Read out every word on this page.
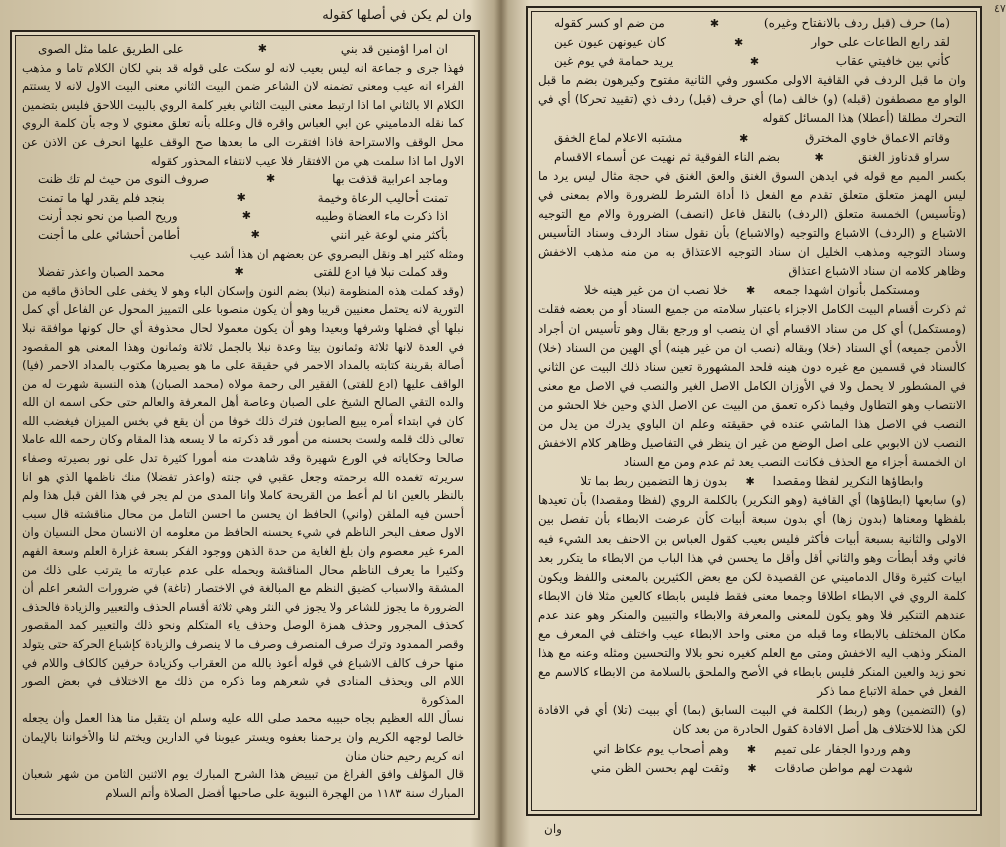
وان لم يكن في أصلها كقوله
ان امرا اؤمنين قد بني
✱
على الطريق علما مثل الصوى

فهذا جرى و جماعة انه ليس بعيب لانه لو سكت على قوله قد بني لكان الكلام تاما و مذهب الفراء انه عيب ومعنى تضمنه لان الشاعر ضمن البيت الثاني معنى البيت الاول لانه لا يستتم الكلام الا بالثاني اما اذا ارتبط معنى البيت الثاني بغير كلمة الروي بالبيت اللاحق فليس بتضمين كما نقله الدماميني عن ابي العباس واقره قال وعلله بأنه تعلق معنوي لا وجه بأن كلمة الروي محل الوقف والاستراحة فاذا افتقرت الى ما بعدها صح الوقف عليها انحرف عن الاذن عن الاول اما اذا سلمت هي من الافتقار فلا عيب لانتفاء المحذور كقوله

وماجد اعرابية قذفت بها
✱
صروف النوى من حيث لم تك ظنت
تمنت أحاليب الرعاة وخيمة
✱
بنجد فلم يقدر لها ما تمنت
اذا ذكرت ماء العضاة وطيبه
✱
وريح الصبا من نحو نجد أرنت
بأكثر مني لوعة غير انني
✱
أطامن أحشائي على ما أجنت

ومثله كثير اهـ ونقل البصروي عن بعضهم ان هذا أشد عيب

وقد كملت نبلا فيا ادع للفتى
✱
محمد الصبان واعذر تفضلا

(وقد كملت هذه المنظومة (نبلا) بضم النون وإسكان الباء وهو لا يخفى على الحاذق ماقيه من التورية لانه يحتمل معنيين قريبا وهو أن يكون منصوبا على التمييز المحول عن الفاعل أي كمل نبلها أي فضلها وشرفها وبعيدا وهو أن يكون معمولا لحال محذوفة أي حال كونها موافقة نبلا في العدة لانها ثلاثة وثمانون بيتا وعدة نبلا بالجمل ثلاثة وثمانون وهذا المعنى هو المقصود أصالة بقرينة كتابته بالمداد الاحمر في حقيقة على ما هو بصيرها مكتوب بالمداد الاحمر (فيا) الواقف عليها (ادع للفتى) الفقير الى رحمة مولاه (محمد الصبان) هذه النسبة شهرت له من والده التقي الصالح الشيخ على الصبان وعاصة أهل المعرفة والعالم حتى حكى اسمه ان الله كان في ابتداء أمره يبيع الصابون فترك ذلك خوفا من أن يقع في بخس الميزان فيغضب الله تعالى ذلك قلمه ولست بحسنه من أمور قد ذكرته ما لا يسعه هذا المقام وكان رحمه الله عاملا صالحا وحكاياته في الورع شهيرة وقد شاهدت منه أمورا كثيرة تدل على نور بصيرته وصفاء سريرته تغمده الله برحمته وجعل عقبي في جنته (واعذر تفضلا) منك ناظمها الذي هو انا بالنظر بالعين انا لم أعط من القريحة كاملا وانا المدى من لم يجر في هذا الفن قبل هذا ولم أحسن فيه الملقن (واني) الحافظ ان يحسن ما احسن التامل من محال مناقشته قال سبب الاول صعف البحر الناظم في شيء يحسنه الحافظ من معلومه ان الانسان محل النسيان وان المرء غير معصوم وان بلغ الغاية من حدة الذهن ووجود الفكر بسعة غزارة العلم وسعة الفهم وكثيرا ما يعرف الناظم محال المناقشة ويحمله على عدم عبارته ما يترتب على ذلك من المشقة والاسباب كضيق النظم مع المبالغة في الاختصار (تاغة) في ضرورات الشعر اعلم أن الضرورة ما يجوز للشاعر ولا يجوز في النثر وهي ثلاثة أقسام الحذف والتعبير والزيادة فالحذف كحذف المجرور وحذف همزة الوصل وحذف ياء المتكلم ونحو ذلك والتعبير كمد المقصور وقصر الممدود وترك صرف المنصرف وصرف ما لا ينصرف والزيادة كإشباع الحركة حتى يتولد منها حرف كالف الاشباع في قوله أعوذ بالله من العقراب وكزيادة حرفين كالكاف واللام في اللام الى ويحذف المنادى في شعرهم وما ذكره من ذلك مع الاختلاف في بعض الصور المذكورة

نسأل الله العظيم بجاه حبيبه محمد صلى الله عليه وسلم ان يتقبل منا هذا العمل وأن يجعله خالصا لوجهه الكريم وان يرحمنا بعفوه ويستر عيوبنا في الدارين ويختم لنا والأخواننا بالإيمان انه كريم رحيم حنان منان

قال المؤلف وافق الفراغ من تبييض هذا الشرح المبارك يوم الاثنين الثامن من شهر شعبان المبارك سنة ١١٨٣ من الهجرة النبوية على صاحبها أفضل الصلاة وأتم السلام

٤٧
(ما) حرف (قبل ردف بالانفتاح وغيره)
✱
من ضم او كسر كقوله
لقد رابع الطاعات على حوار
✱
كان عيونهن عيون عين
كأني بين خافيتي عقاب
✱
يريد حمامة في يوم غين

وان ما قبل الردف في القافية الاولى مكسور وفي الثانية مفتوح وكيرهون بضم ما قبل الواو مع مصطفون (قبله) (و) خالف (ما) أي حرف (قبل) ردف ذي (تقييد تحركا) أي في التحرك مطلقا (أعطلا) هذا المسائل كقوله

وقاتم الاعماق خاوي المخترق
✱
مشتبه الاعلام لماع الخفق
سراو قدناوز الغنق
✱
بضم الناء الفوقية ثم نهيت عن أسماء الاقسام

بكسر الميم مع قوله في ايدهن السوق الغنق والعق الغنق في حجة مثال ليس يرد ما ليس الهمز متعلق متعلق تقدم مع الفعل ذا أداة الشرط للضرورة والام بمعنى في (وتأسيس) الخمسة متعلق (الردف) بالنقل فاعل (انصف) الضرورة والام مع التوجيه الاشباع و (الردف) الاشباع والتوجيه (والاشباع) بأن نقول سناد الردف وسناد التأسيس وسناد التوجيه ومذهب الخليل ان سناد التوجيه الاعتذاق به من منه مذهب الاخفش وظاهر كلامه ان سناد الاشباع اعتذاق

ومستكمل بأنوان اشهدا جمعه
✱
خلا نصب ان من غير هينه خلا

ثم ذكرت أقسام البيت الكامل الاجزاء باعتبار سلامته من جميع السناد أو من بعضه فقلت (ومستكمل) أي كل من سناد الاقسام أي ان ينصب او ورجع بقال وهو تأسيس ان أجراد الأدمن جميعه) أي السناد (خلا) وبقاله (نصب ان من غير هينه) أي الهين من السناد (خلا) كالسناد في قسمين مع غيره دون هينه فلحد المشهورة تعين سناد ذلك البيت عن الثاني في المشطور لا يحمل ولا في الأوزان الكامل الاصل الغير والنصب في الاصل مع معنى الانتصاب وهو التطاول وفيما ذكره تعمق من البيت عن الاصل الذي وحين خلا الحشو من النصب في الاصل هذا الماشي عنده في حقيقته وعلم ان الباوي يدرك من يدل من النصب لان الابوبي على اصل الوضع من غير ان ينظر في التفاصيل وظاهر كلام الاخفش ان الخمسة أجزاء مع الحذف فكانت النصب يعد ثم عدم ومن مع السناد

وابطاؤها النكرير لفظا ومقصدا
✱
بدون زها التضمين ربط بما تلا

(و) سابعها (ابطاؤها) أي القافية (وهو النكرير) بالكلمة الروي (لفظا ومقصدا) بأن تعيدها بلفظها ومعناها (بدون زها) أي بدون سبعة أبيات كأن عرضت الابطاء بأن تفصل بين الاولى والثانية بسبعة أبيات فأكثر فليس بعيب كقول العباس بن الاحنف بعد الشيء فيه فاني وقد أبطأت وهو والثاني أقل وأقل ما يحسن في هذا الباب من الابطاء ما يتكرر بعد ابيات كثيرة وقال الدماميني عن القصيدة لكن مع بعض الكثيرين بالمعنى واللفظ ويكون كلمة الروي في الابطاء اطلاقا وجمعا معنى فقط فليس بابطاء كالعين مثلا فان الابطاء عندهم التنكير فلا وهو يكون للمعنى والمعرفة والابطاء والتبيين والمنكر وهو عند عدم مكان المختلف بالابطاء وما قبله من معنى واحد الابطاء عيب واختلف في المعرف مع المنكر وذهب اليه الاخفش ومتى مع العلم كغيره نحو بلالا والتحسين ومثله وعنه مع هذا نحو زيد والعين المنكر فليس بابطاء في الأصح والملحق بالسلامة من الابطاء كالاسم مع الفعل في حملة الاتباع مما ذكر

(و) (التضمين) وهو (ربط) الكلمة في البيت السابق (بما) أي ببيت (تلا) أي في الافادة لكن هذا للاختلاف هل أصل الافادة كقول الحادرة من بعد كان

وهم وردوا الجفار على تميم
✱
وهم أصحاب يوم عكاظ اني
شهدت لهم مواطن صادقات
✱
وثقت لهم بحسن الظن مني
وان
